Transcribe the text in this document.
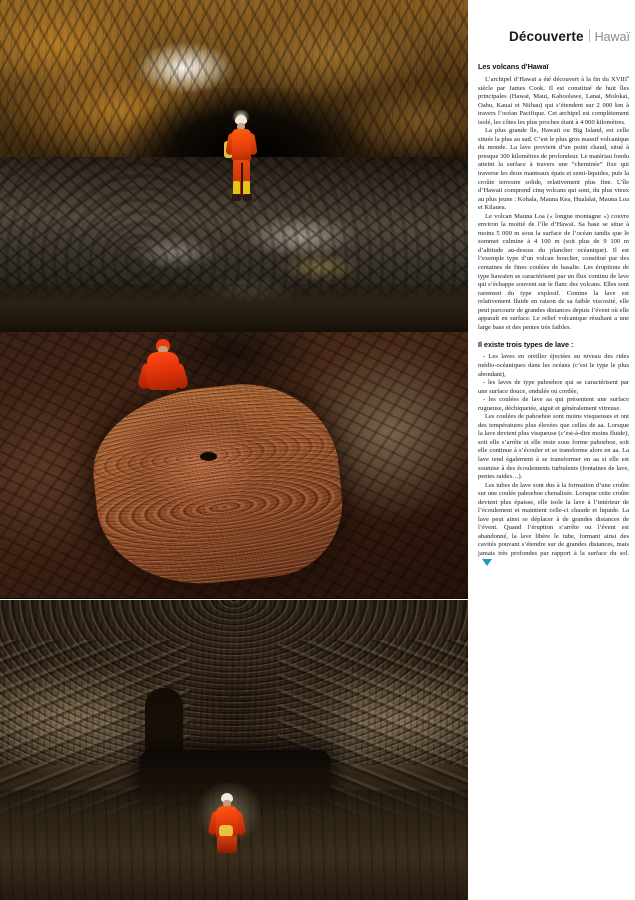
Découverte Hawaï
Les volcans d’Hawaï

L’archipel d’Hawaï a été découvert à la fin du XVIIIe siècle par James Cook. Il est constitué de huit îles principales (Hawaï, Maui, Kahoolawe, Lanai, Molokai, Oahu, Kauai et Niihau) qui s’étendent sur 2 000 km à travers l’océan Pacifique. Cet archipel est complètement isolé, les côtes les plus proches étant à 4 000 kilomètres.

La plus grande île, Hawaii ou Big Island, est celle située la plus au sud. C’est le plus gros massif volcanique du monde. La lave provient d’un point chaud, situé à presque 300 kilomètres de profondeur. Le matériau fondu atteint la surface à travers une “cheminée” fixe qui traverse les deux manteaux épais et semi-liquides, puis la croûte terrestre solide, relativement plus fine. L’île d’Hawaii comprend cinq volcans qui sont, du plus vieux au plus jeune : Kohala, Mauna Kea, Hualalai, Mauna Loa et Kilauea.

Le volcan Mauna Loa (« longue montagne ») couvre environ la moitié de l’île d’Hawaï. Sa base se situe à moins 5 000 m sous la surface de l’océan tandis que le sommet culmine à 4 100 m (soit plus de 9 100 m d’altitude au-dessus du plancher océanique). Il est l’exemple type d’un volcan bouclier, constitué par des centaines de fines coulées de basalte. Les éruptions de type hawaïen se caractérisent par un flux continu de lave qui s’échappe souvent sur le flanc des volcans. Elles sont rarement du type explosif. Comme la lave est relativement fluide en raison de sa faible viscosité, elle peut parcourir de grandes distances depuis l’évent où elle apparaît en surface. Le relief volcanique résultant a une large base et des pentes très faibles.

Il existe trois types de lave :

- Les laves en oreiller éjectées au niveau des rides médio-océaniques dans les océans (c’est le type le plus abondant),

- les laves de type pahoehoe qui se caractérisent par une surface douce, ondulée ou cordée,

- les coulées de lave aa qui présentent une surface rugueuse, déchiquetée, aiguë et généralement vitreuse.

Les coulées de pahoehoe sont moins visqueuses et ont des températures plus élevées que celles de aa. Lorsque la lave devient plus visqueuse (c’est-à-dire moins fluide), soit elle s’arrête et elle reste sous forme pahoehoe, soit elle continue à s’écouler et se transforme alors en aa. La lave tend également à se transformer en aa si elle est soumise à des écoulements turbulents (fontaines de lave, pentes raides…).

Les tubes de lave sont dus à la formation d’une croûte sur une coulée pahoehoe chenalisée. Lorsque cette croûte devient plus épaisse, elle isole la lave à l’intérieur de l’écoulement et maintient celle-ci chaude et liquide. La lave peut ainsi se déplacer à de grandes distances de l’évent. Quand l’éruption s’arrête ou l’évent est abandonné, la lave libère le tube, formant ainsi des cavités pouvant s’étendre sur de grandes distances, mais jamais très profondes par rapport à la surface du sol.
